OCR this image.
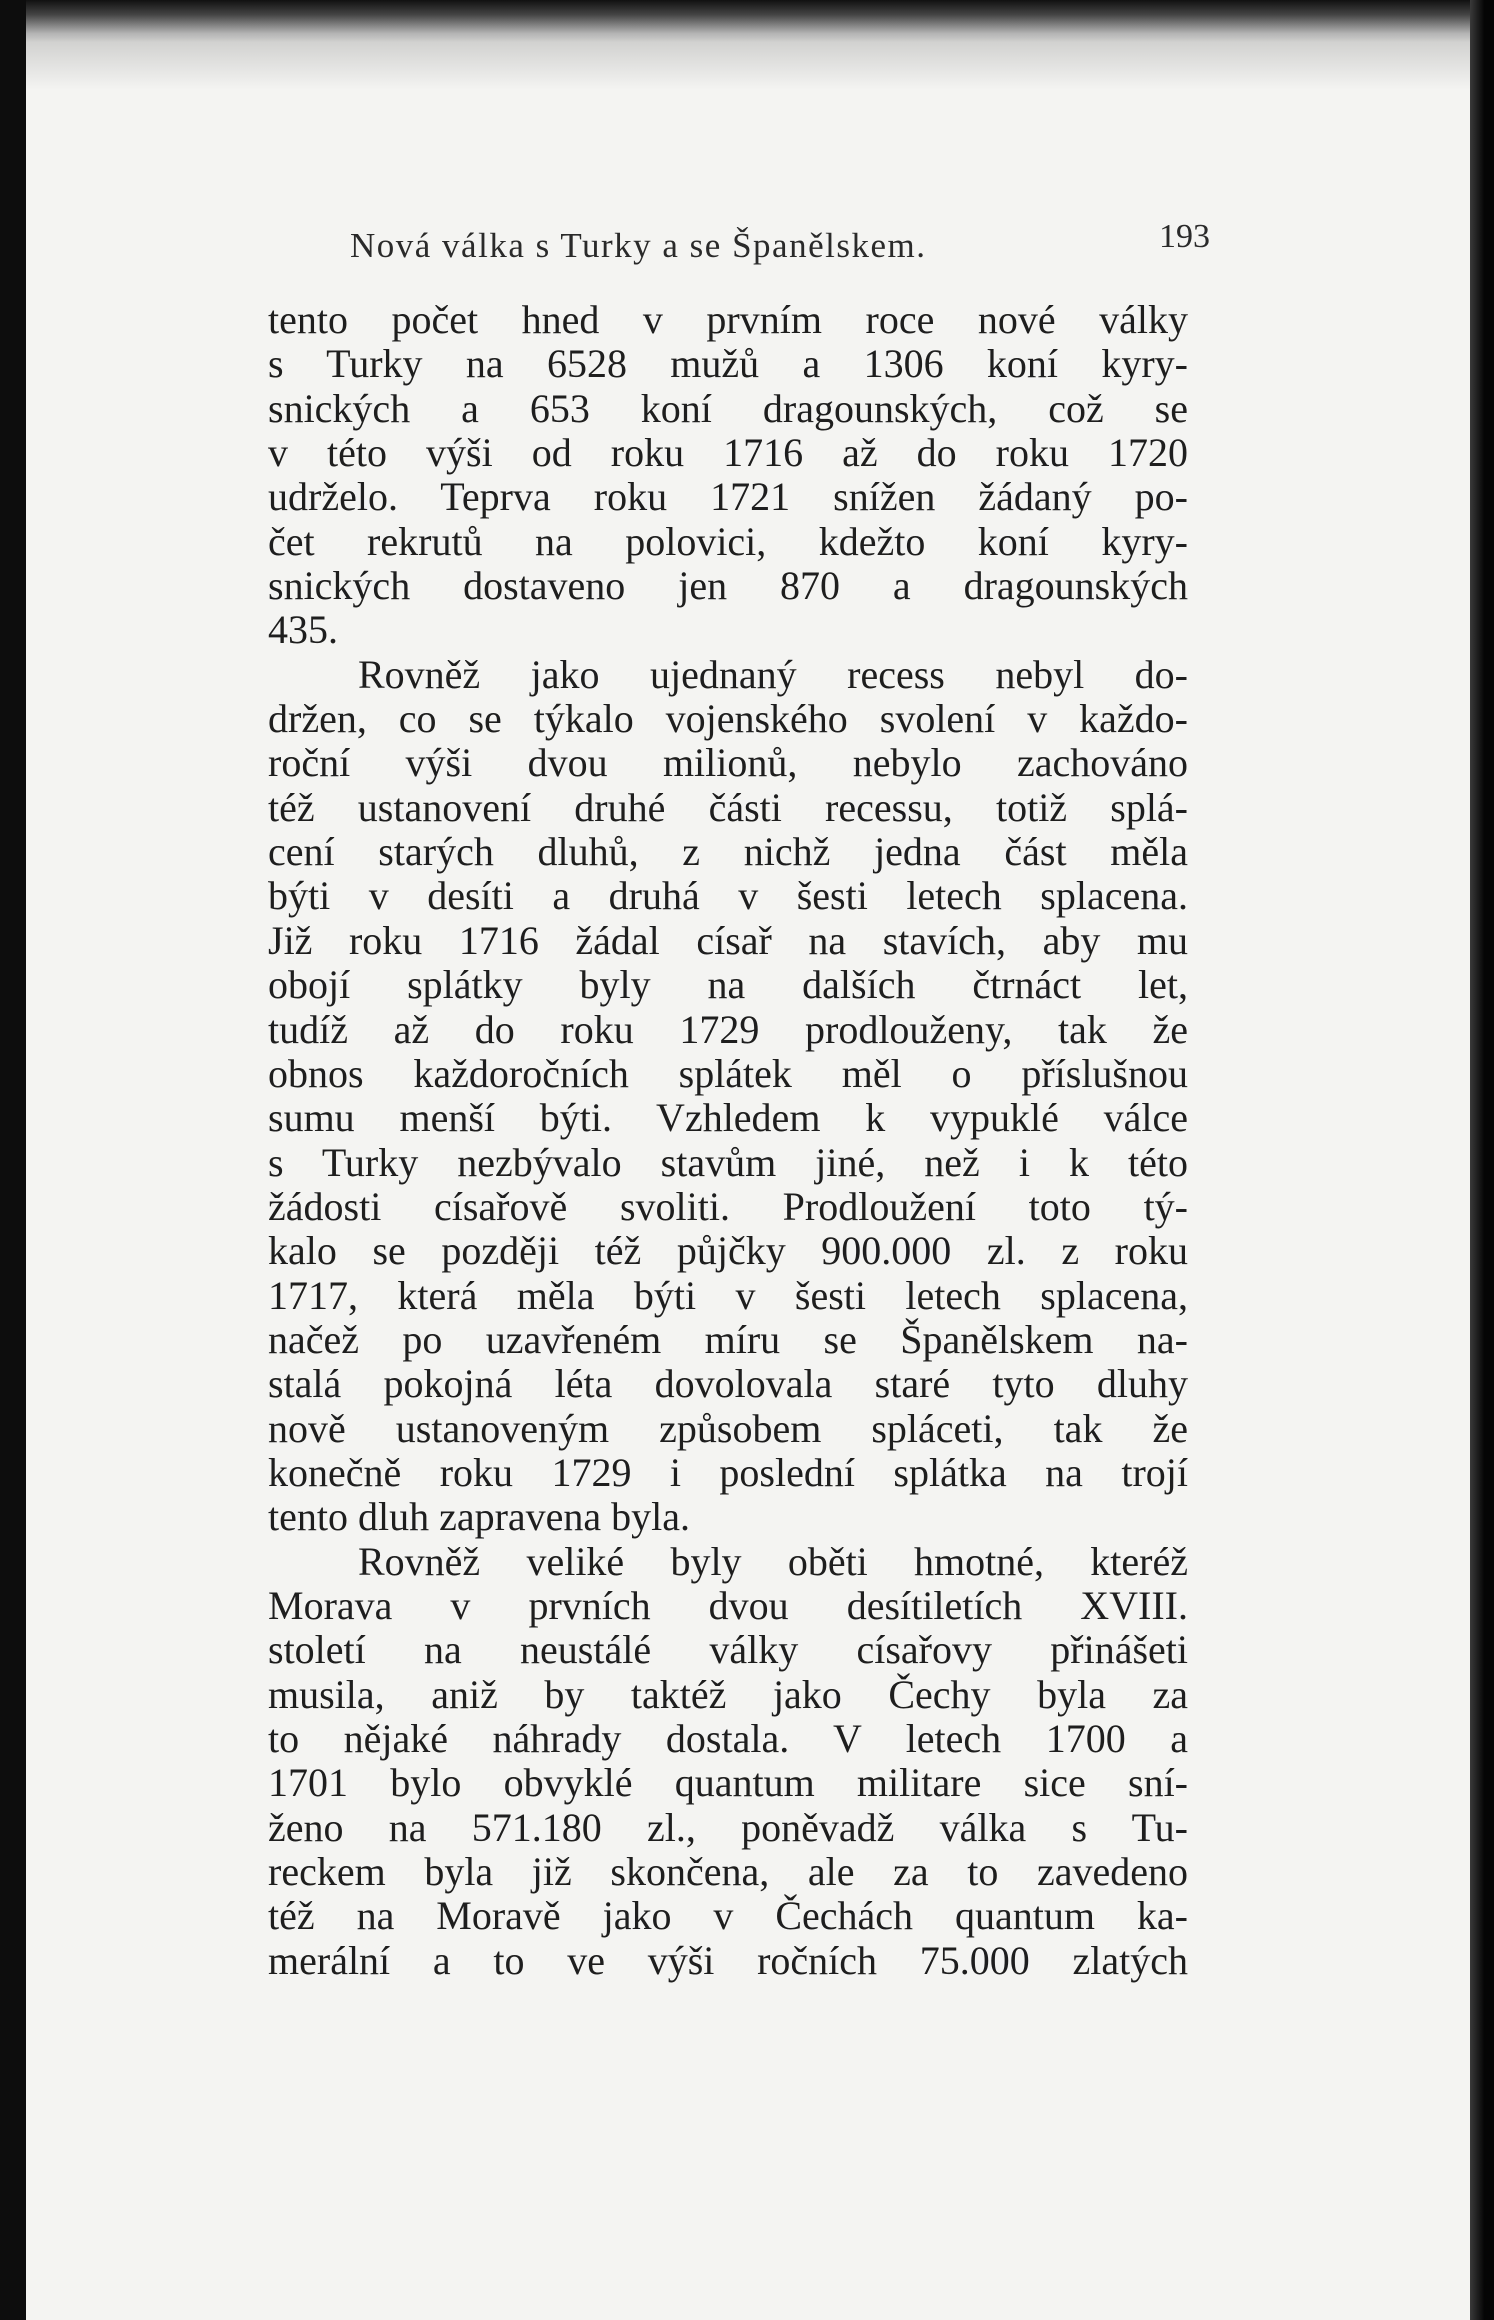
Nová válka s Turky a se Španělskem.	193
tento počet hned v prvním roce nové války
s Turky na 6528 mužů a 1306 koní kyry-
snických a 653 koní dragounských, což se
v této výši od roku 1716 až do roku 1720
udrželo. Teprva roku 1721 snížen žádaný po-
čet rekrutů na polovici, kdežto koní kyry-
snických dostaveno jen 870 a dragounských
435.
Rovněž jako ujednaný recess nebyl do-
držen, co se týkalo vojenského svolení v každo-
roční výši dvou milionů, nebylo zachováno
též ustanovení druhé části recessu, totiž splá-
cení starých dluhů, z nichž jedna část měla
býti v desíti a druhá v šesti letech splacena.
Již roku 1716 žádal císař na stavích, aby mu
obojí splátky byly na dalších čtrnáct let,
tudíž až do roku 1729 prodlouženy, tak že
obnos každoročních splátek měl o příslušnou
sumu menší býti. Vzhledem k vypuklé válce
s Turky nezbývalo stavům jiné, než i k této
žádosti císařově svoliti. Prodloužení toto tý-
kalo se později též půjčky 900.000 zl. z roku
1717, která měla býti v šesti letech splacena,
načež po uzavřeném míru se Španělskem na-
stalá pokojná léta dovolovala staré tyto dluhy
nově ustanoveným způsobem spláceti, tak že
konečně roku 1729 i poslední splátka na trojí
tento dluh zapravena byla.
Rovněž veliké byly oběti hmotné, kteréž
Morava v prvních dvou desítiletích XVIII.
století na neustálé války císařovy přinášeti
musila, aniž by taktéž jako Čechy byla za
to nějaké náhrady dostala. V letech 1700 a
1701 bylo obvyklé quantum militare sice sní-
ženo na 571.180 zl., poněvadž válka s Tu-
reckem byla již skončena, ale za to zavedeno
též na Moravě jako v Čechách quantum ka-
merální a to ve výši ročních 75.000 zlatých
